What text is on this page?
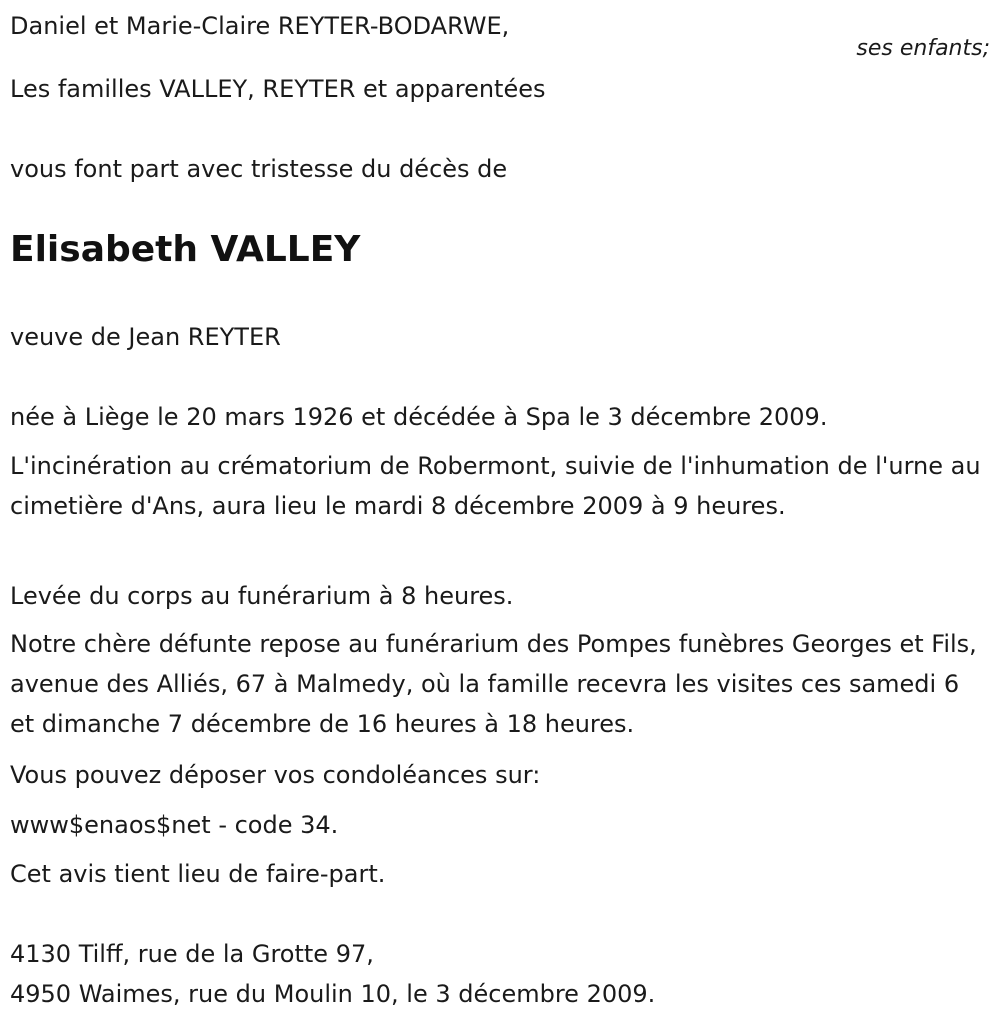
Daniel et Marie-Claire REYTER-BODARWE,

ses enfants;

Les familles VALLEY, REYTER et apparentées

vous font part avec tristesse du décès de

Elisabeth VALLEY

veuve de Jean REYTER

née à Liège le 20 mars 1926 et décédée à Spa le 3 décembre 2009.

L'incinération au crématorium de Robermont, suivie de l'inhumation de l'urne au cimetière d'Ans, aura lieu le mardi 8 décembre 2009 à 9 heures.

Levée du corps au funérarium à 8 heures.

Notre chère défunte repose au funérarium des Pompes funèbres Georges et Fils, avenue des Alliés, 67 à Malmedy, où la famille recevra les visites ces samedi 6 et dimanche 7 décembre de 16 heures à 18 heures.

Vous pouvez déposer vos condoléances sur:

www$enaos$net - code 34.

Cet avis tient lieu de faire-part.

4130 Tilff, rue de la Grotte 97,

4950 Waimes, rue du Moulin 10, le 3 décembre 2009.
